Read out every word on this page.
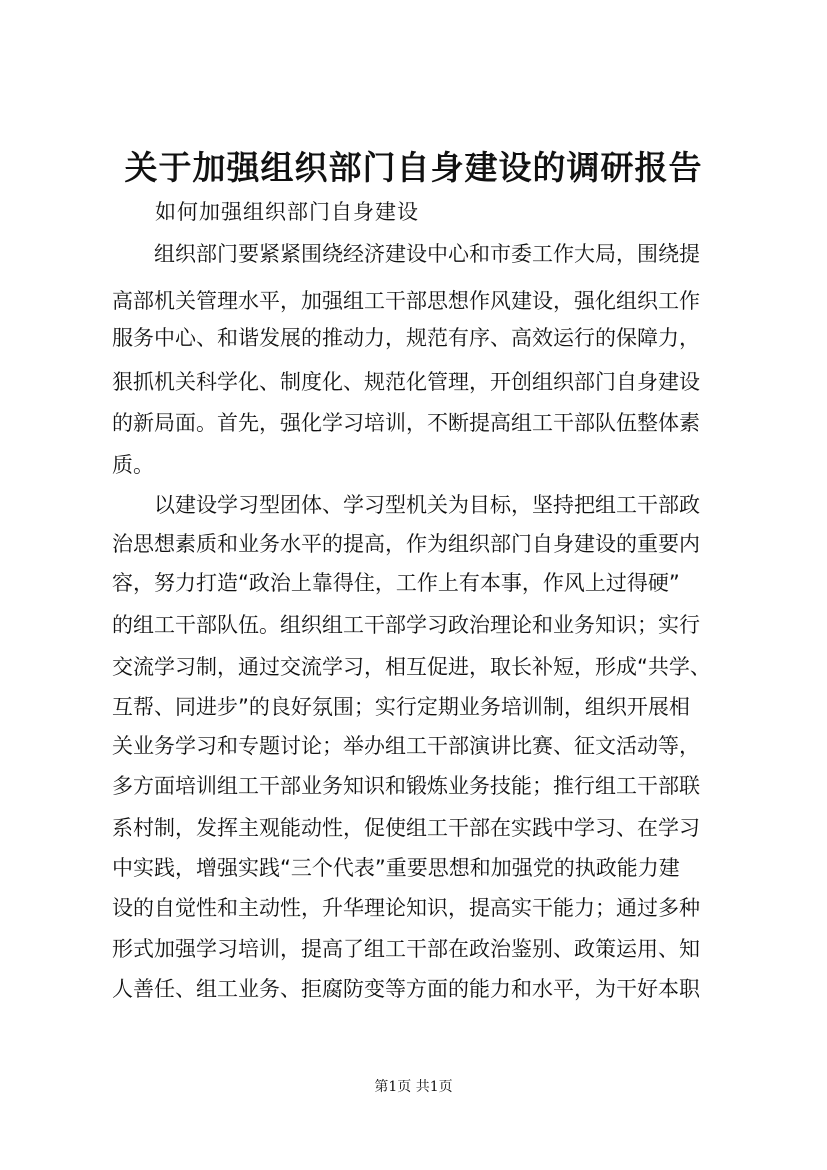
关于加强组织部门自身建设的调研报告
如何加强组织部门自身建设
　　组织部门要紧紧围绕经济建设中心和市委工作大局，围绕提
高部机关管理水平，加强组工干部思想作风建设，强化组织工作
服务中心、和谐发展的推动力，规范有序、高效运行的保障力，
狠抓机关科学化、制度化、规范化管理，开创组织部门自身建设
的新局面。首先，强化学习培训，不断提高组工干部队伍整体素
质。
　　以建设学习型团体、学习型机关为目标，坚持把组工干部政
治思想素质和业务水平的提高，作为组织部门自身建设的重要内
容，努力打造“政治上靠得住，工作上有本事，作风上过得硬”
的组工干部队伍。组织组工干部学习政治理论和业务知识；实行
交流学习制，通过交流学习，相互促进，取长补短，形成“共学、
互帮、同进步”的良好氛围；实行定期业务培训制，组织开展相
关业务学习和专题讨论；举办组工干部演讲比赛、征文活动等，
多方面培训组工干部业务知识和锻炼业务技能；推行组工干部联
系村制，发挥主观能动性，促使组工干部在实践中学习、在学习
中实践，增强实践“三个代表”重要思想和加强党的执政能力建
设的自觉性和主动性，升华理论知识，提高实干能力；通过多种
形式加强学习培训，提高了组工干部在政治鉴别、政策运用、知
人善任、组工业务、拒腐防变等方面的能力和水平，为干好本职
第1页 共1页
